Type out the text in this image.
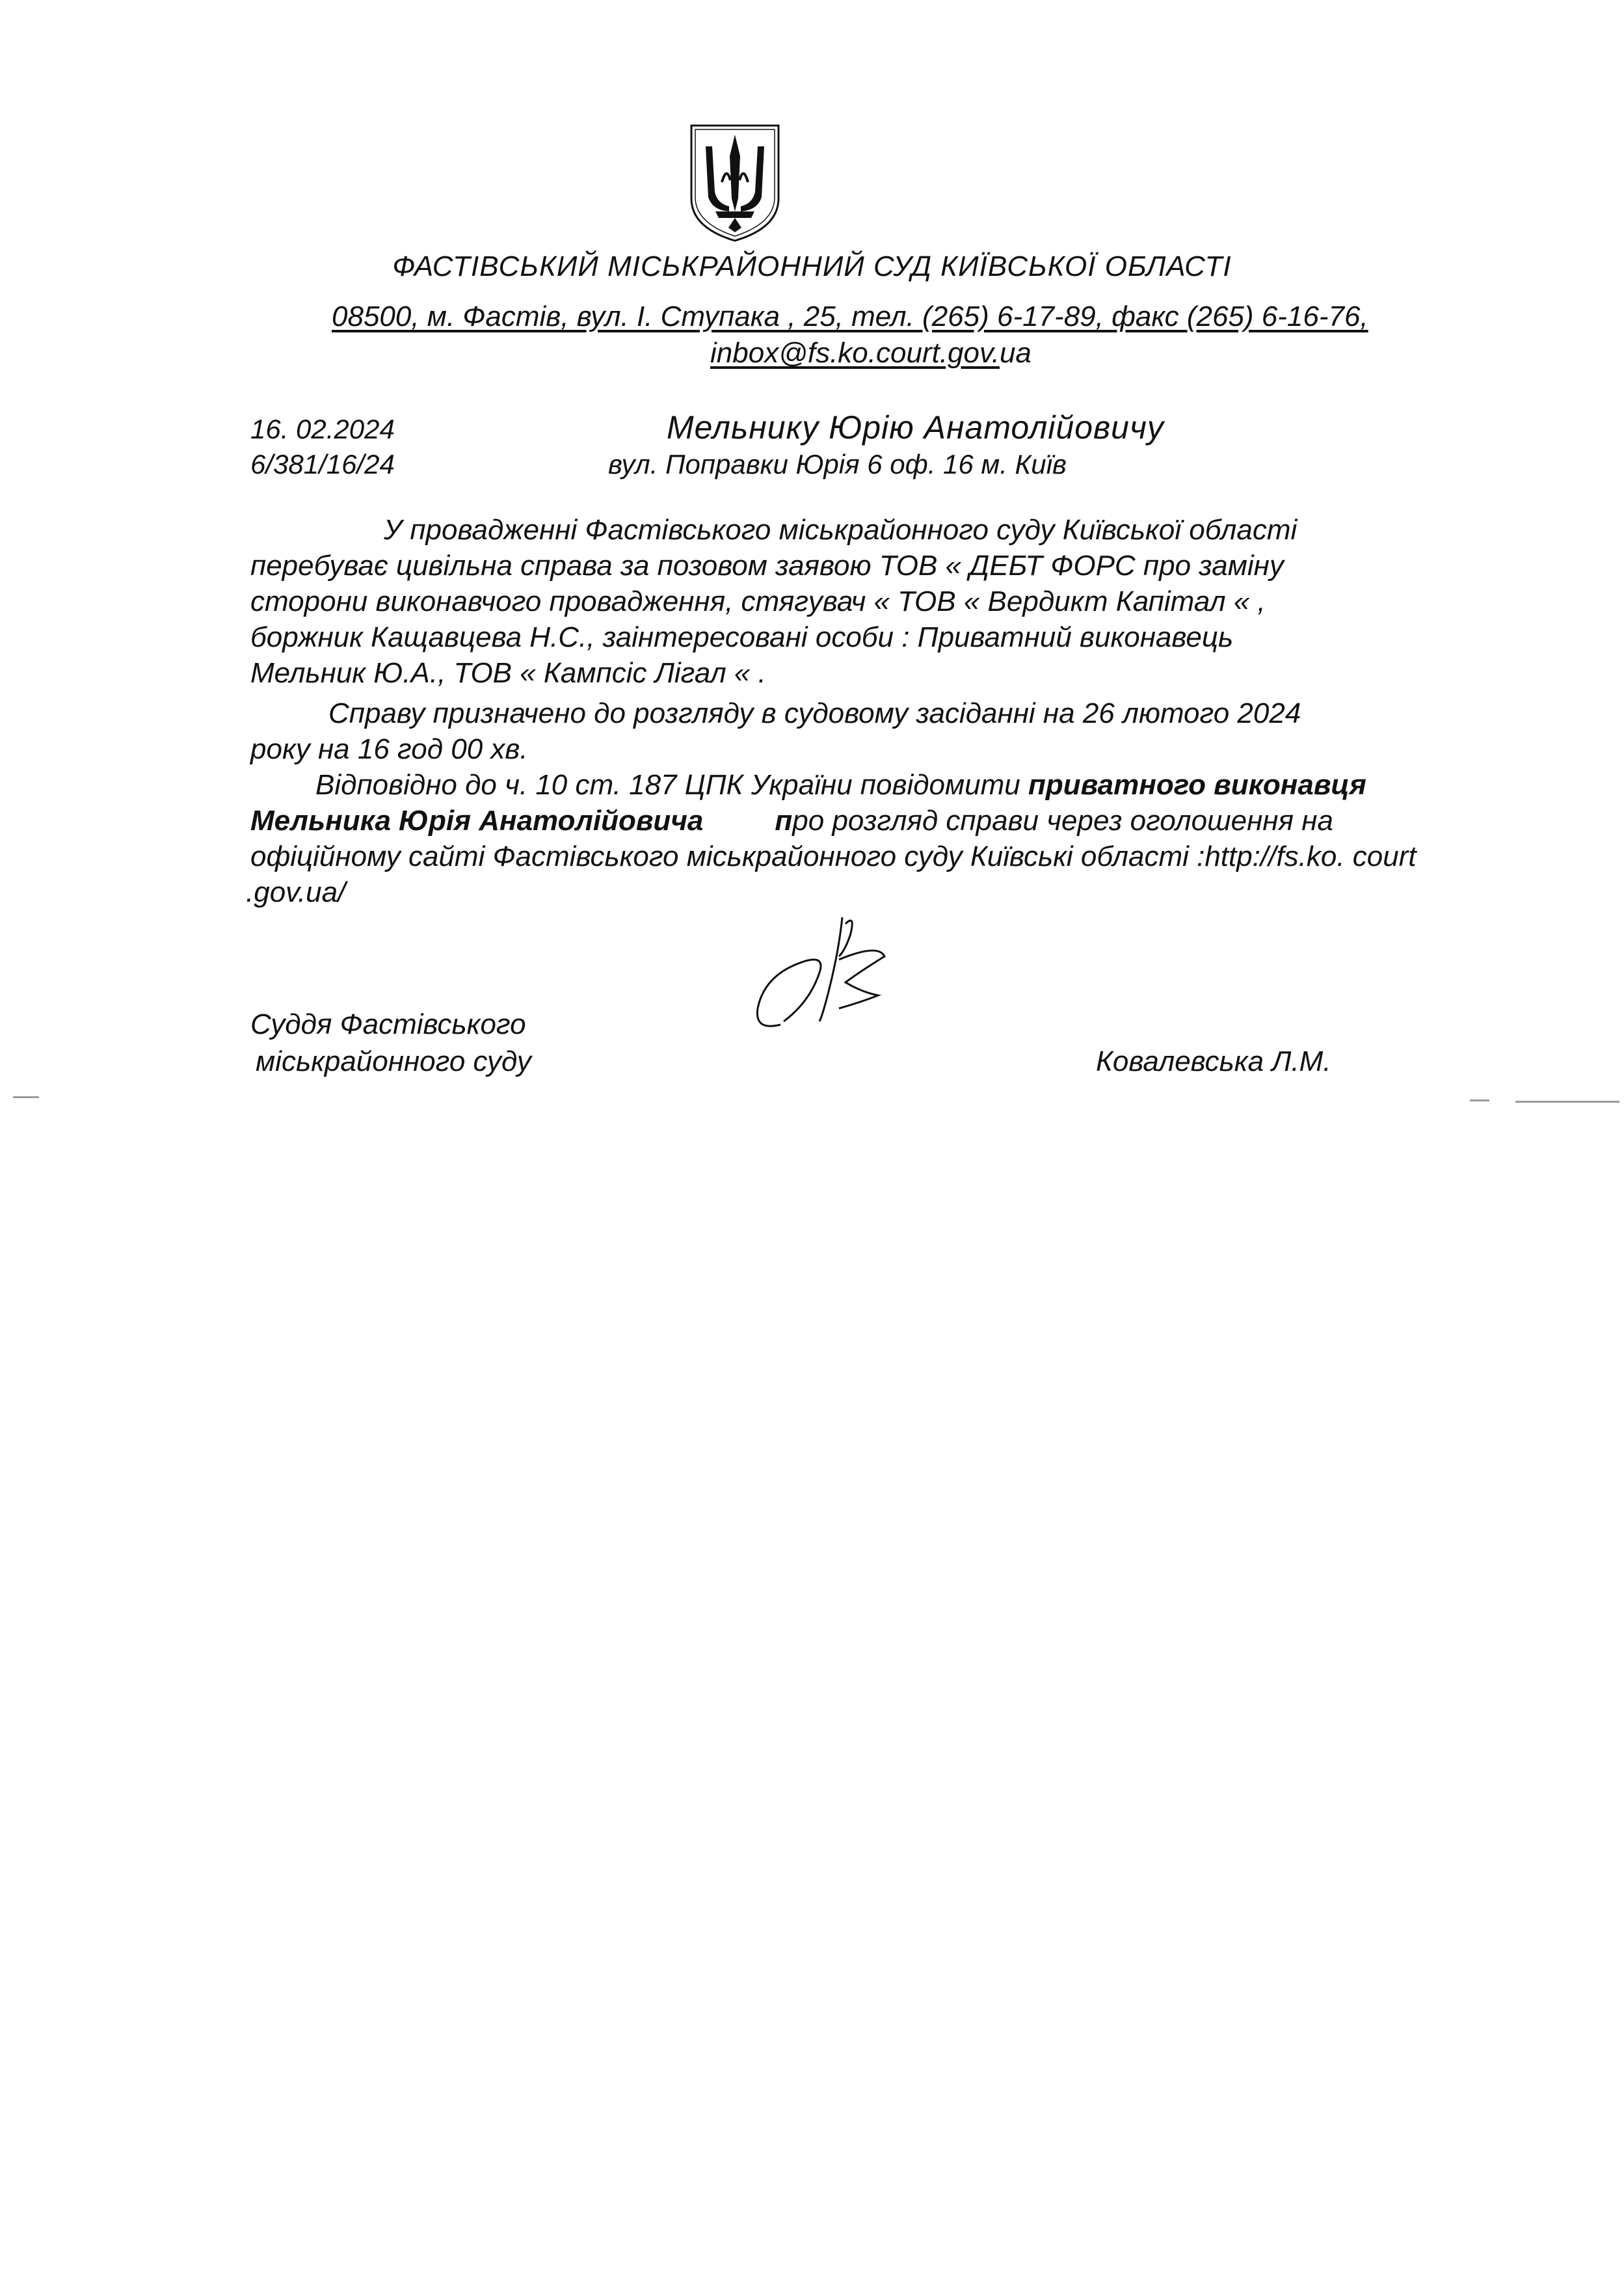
ФАСТІВСЬКИЙ МІСЬКРАЙОННИЙ СУД КИЇВСЬКОЇ ОБЛАСТІ
08500, м. Фастів, вул. І. Ступака , 25, тел. (265) 6-17-89, факс (265) 6-16-76,
inbox@fs.ko.court.gov.ua
16. 02.2024
6/381/16/24
Мельнику Юрію Анатолійовичу
вул. Поправки Юрія 6 оф. 16 м. Київ
У провадженні Фастівського міськрайонного суду Київської області
перебуває цивільна справа за позовом заявою ТОВ « ДЕБТ ФОРС про заміну
сторони виконавчого провадження, стягувач « ТОВ « Вердикт Капітал « ,
боржник Кащавцева Н.С., заінтересовані особи : Приватний виконавець
Мельник Ю.А., ТОВ « Кампсіс Лігал « .
Справу призначено до розгляду в судовому засіданні на 26 лютого 2024
року на 16 год 00 хв.
Відповідно до ч. 10 ст. 187 ЦПК України повідомити приватного виконавця
Мельника Юрія Анатолійовича	про розгляд справи через оголошення на
офіційному сайті Фастівського міськрайонного суду Київські області :http://fs.ko. court
.gov.ua/
Суддя Фастівського
міськрайонного суду	Ковалевська Л.М.
